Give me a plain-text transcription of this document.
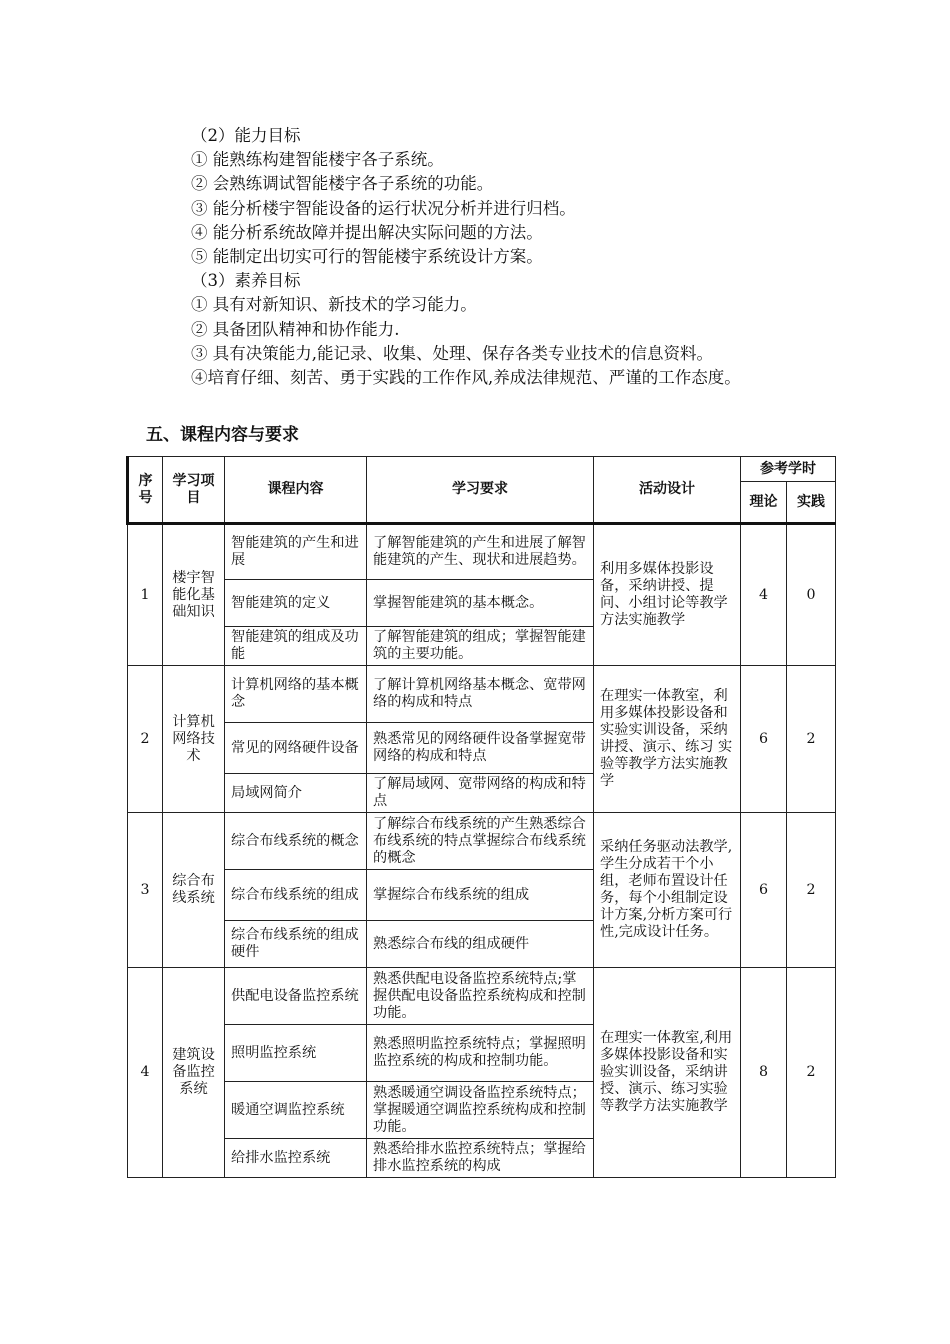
（2）能力目标
① 能熟练构建智能楼宇各子系统。
② 会熟练调试智能楼宇各子系统的功能。
③ 能分析楼宇智能设备的运行状况分析并进行归档。
④ 能分析系统故障并提出解决实际问题的方法。
⑤ 能制定出切实可行的智能楼宇系统设计方案。
（3）素养目标
① 具有对新知识、新技术的学习能力。
② 具备团队精神和协作能力.
③ 具有决策能力,能记录、收集、处理、保存各类专业技术的信息资料。
④培育仔细、刻苦、勇于实践的工作作风,养成法律规范、严谨的工作态度。
五、课程内容与要求
序号	学习项目	课程内容	学习要求	活动设计	参考学时	
					理论	实践
1	楼宇智能化基础知识	智能建筑的产生和进展	了解智能建筑的产生和进展了解智能建筑的产生、现状和进展趋势。	利用多媒体投影设备，采纳讲授、提问、小组讨论等教学方法实施教学	4	0
		智能建筑的定义	掌握智能建筑的基本概念。			
		智能建筑的组成及功能	了解智能建筑的组成；掌握智能建筑的主要功能。			
2	计算机网络技术	计算机网络的基本概念	了解计算机网络基本概念、宽带网络的构成和特点	在理实一体教室，利用多媒体投影设备和实验实训设备，采纳讲授、演示、练习 实验等教学方法实施教学	6	2
		常见的网络硬件设备	熟悉常见的网络硬件设备掌握宽带网络的构成和特点			
		局域网简介	了解局域网、宽带网络的构成和特点			
3	综合布线系统	综合布线系统的概念	了解综合布线系统的产生熟悉综合布线系统的特点掌握综合布线系统的概念	采纳任务驱动法教学,学生分成若干个小组，老师布置设计任务，每个小组制定设计方案,分析方案可行性,完成设计任务。	6	2
		综合布线系统的组成	掌握综合布线系统的组成			
		综合布线系统的组成硬件	熟悉综合布线的组成硬件			
4	建筑设备监控系统	供配电设备监控系统	熟悉供配电设备监控系统特点;掌握供配电设备监控系统构成和控制功能。	在理实一体教室,利用多媒体投影设备和实验实训设备，采纳讲授、演示、练习实验等教学方法实施教学	8	2
		照明监控系统	熟悉照明监控系统特点；掌握照明监控系统的构成和控制功能。			
		暖通空调监控系统	熟悉暖通空调设备监控系统特点；掌握暖通空调监控系统构成和控制功能。			
		给排水监控系统	熟悉给排水监控系统特点；掌握给排水监控系统的构成			
